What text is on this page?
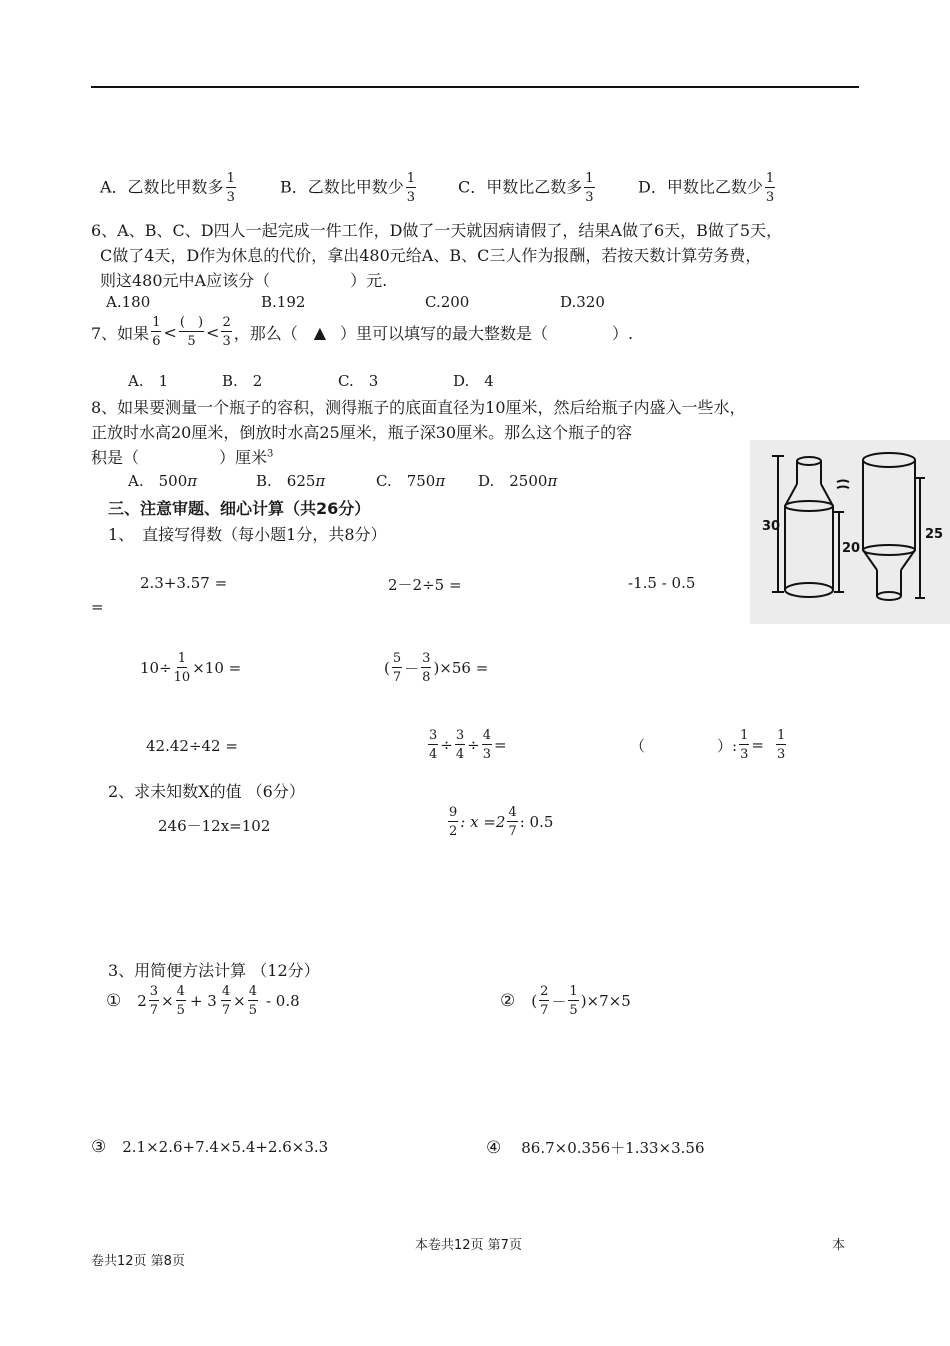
A．乙数比甲数多 $\frac{1}{3}$	B．乙数比甲数少 $\frac{1}{3}$	C．甲数比乙数多 $\frac{1}{3}$	D．甲数比乙数少 $\frac{1}{3}$
6、A、B、C、D四人一起完成一件工作，D做了一天就因病请假了，结果A做了6天，B做了5天，
C做了4天，D作为休息的代价，拿出480元给A、B、C三人作为报酬，若按天数计算劳务费，
则这480元中A应该分（　　　　　）元.
A.180	B.192	C.200	D.320
7、如果 $\frac{1}{6} < \frac{( )}{5} < \frac{2}{3}$ ，那么（ ▲ ）里可以填写的最大整数是（　　　　）.
A.　1	B.　2	C.　3	D.　4
8、如果要测量一个瓶子的容积，测得瓶子的底面直径为10厘米，然后给瓶子内盛入一些水，
正放时水高20厘米，倒放时水高25厘米，瓶子深30厘米。那么这个瓶子的容
积是（　　　　　）厘米$^3$
A.　500π	B.　625π	C.　750π D.　2500π
30
20
25
三、注意审题、细心计算（共26分）
1、　直接写得数（每小题1分，共8分）
2.3+3.57 =	2－2÷5 =	-1.5 - 0.5
=
$10\div \frac{1}{10} \times 10$ =	( $\frac{5}{7} - \frac{3}{8} )\times 56$ =
42.42÷42 =	$\frac{3}{4} \div \frac{3}{4} \div \frac{4}{3}$ =	（	）: $\frac{1}{3} = \frac{1}{3}$
2、求未知数X的值 （6分）
246－12x=102	$\frac{9}{2}$ : $x =2 \frac{4}{7}$ : 0.5
3、用简便方法计算 （12分）
① $2 \frac{3}{7} \times \frac{4}{5} + 3 \frac{4}{7} \times \frac{4}{5} - 0.8$	② ( $\frac{2}{7} - \frac{1}{5} )\times 7\times 5$
③ 2.1×2.6+7.4×5.4+2.6×3.3	④ 86.7×0.356＋1.33×3.56
本卷共12页 第7页	本
卷共12页 第8页
